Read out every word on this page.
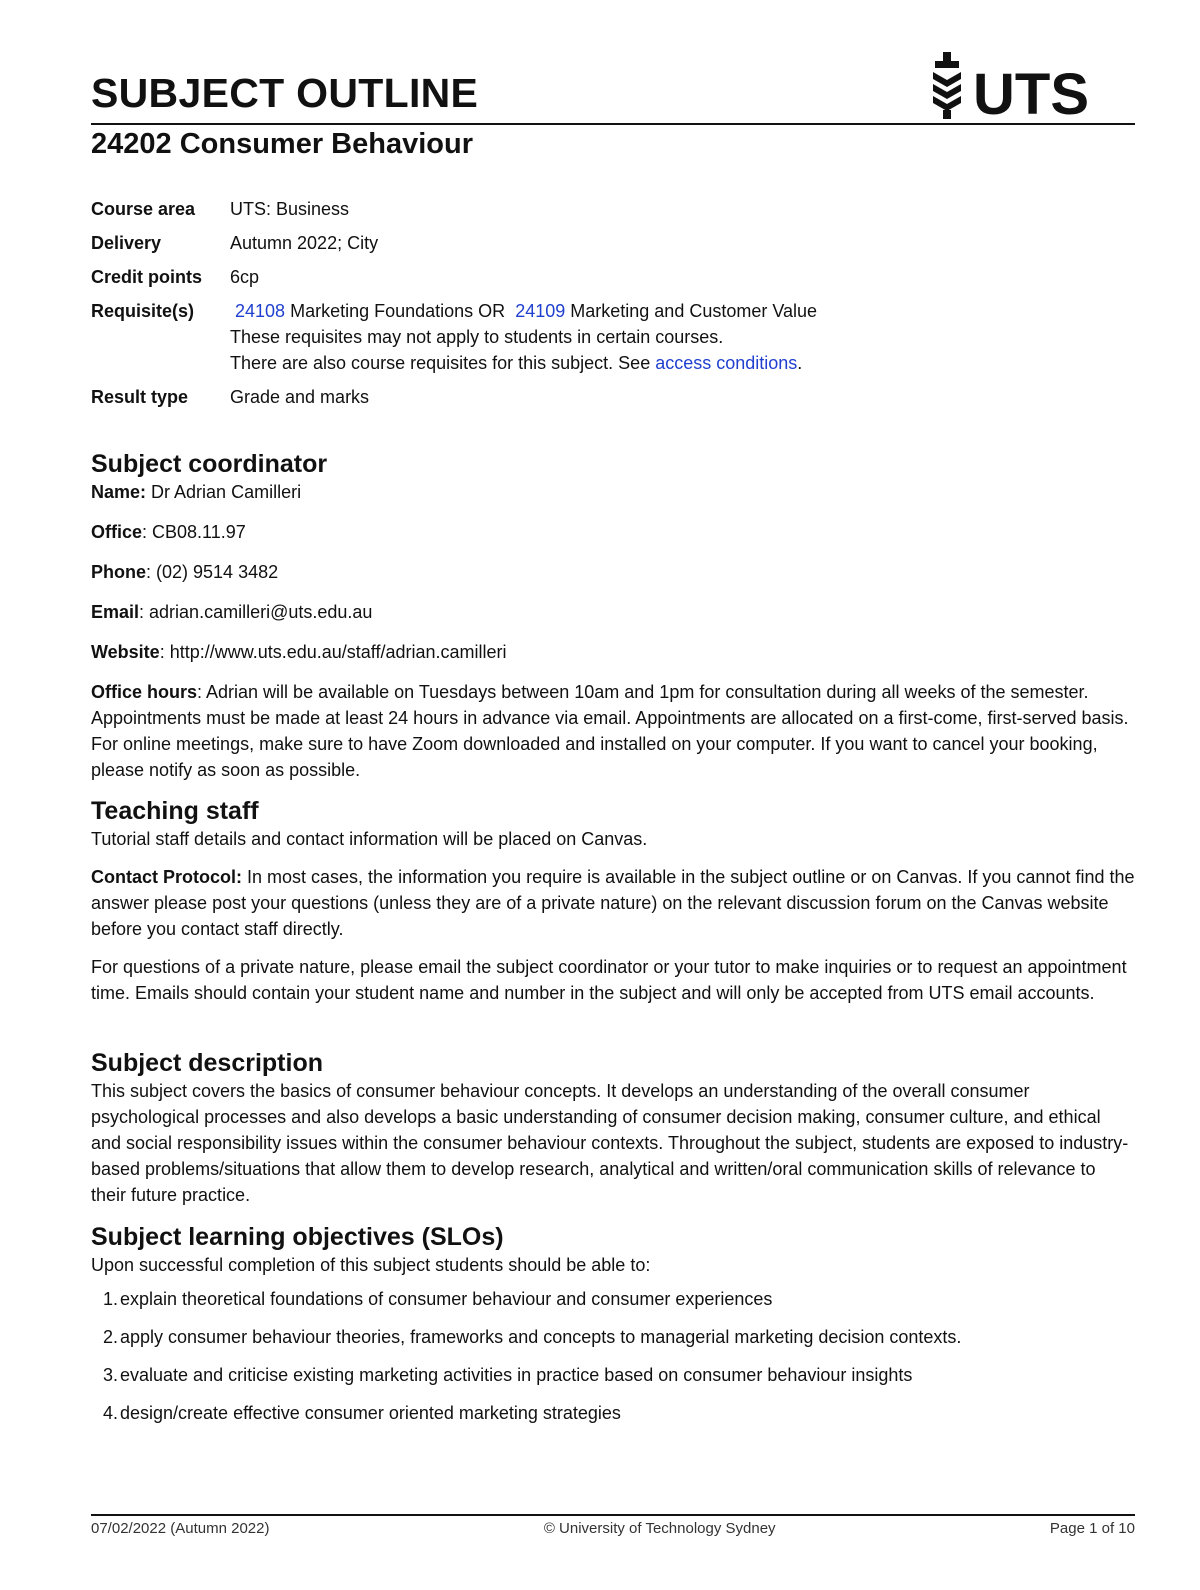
SUBJECT OUTLINE	UTS
24202 Consumer Behaviour
Course area	UTS: Business
Delivery	Autumn 2022; City
Credit points	6cp
Requisite(s)	24108 Marketing Foundations OR  24109 Marketing and Customer Value
These requisites may not apply to students in certain courses.
There are also course requisites for this subject. See access conditions.
Result type	Grade and marks
Subject coordinator

Name: Dr Adrian Camilleri

Office: CB08.11.97

Phone: (02) 9514 3482

Email: adrian.camilleri@uts.edu.au

Website: http://www.uts.edu.au/staff/adrian.camilleri

Office hours: Adrian will be available on Tuesdays between 10am and 1pm for consultation during all weeks of the semester. Appointments must be made at least 24 hours in advance via email. Appointments are allocated on a first-come, first-served basis. For online meetings, make sure to have Zoom downloaded and installed on your computer. If you want to cancel your booking, please notify as soon as possible.

Teaching staff

Tutorial staff details and contact information will be placed on Canvas.

Contact Protocol: In most cases, the information you require is available in the subject outline or on Canvas. If you cannot find the answer please post your questions (unless they are of a private nature) on the relevant discussion forum on the Canvas website before you contact staff directly.

For questions of a private nature, please email the subject coordinator or your tutor to make inquiries or to request an appointment time. Emails should contain your student name and number in the subject and will only be accepted from UTS email accounts.

Subject description

This subject covers the basics of consumer behaviour concepts. It develops an understanding of the overall consumer psychological processes and also develops a basic understanding of consumer decision making, consumer culture, and ethical and social responsibility issues within the consumer behaviour contexts. Throughout the subject, students are exposed to industry-based problems/situations that allow them to develop research, analytical and written/oral communication skills of relevance to their future practice.

Subject learning objectives (SLOs)

Upon successful completion of this subject students should be able to:

1. explain theoretical foundations of consumer behaviour and consumer experiences
2. apply consumer behaviour theories, frameworks and concepts to managerial marketing decision contexts.
3. evaluate and criticise existing marketing activities in practice based on consumer behaviour insights
4. design/create effective consumer oriented marketing strategies
07/02/2022 (Autumn 2022)	© University of Technology Sydney	Page 1 of 10
